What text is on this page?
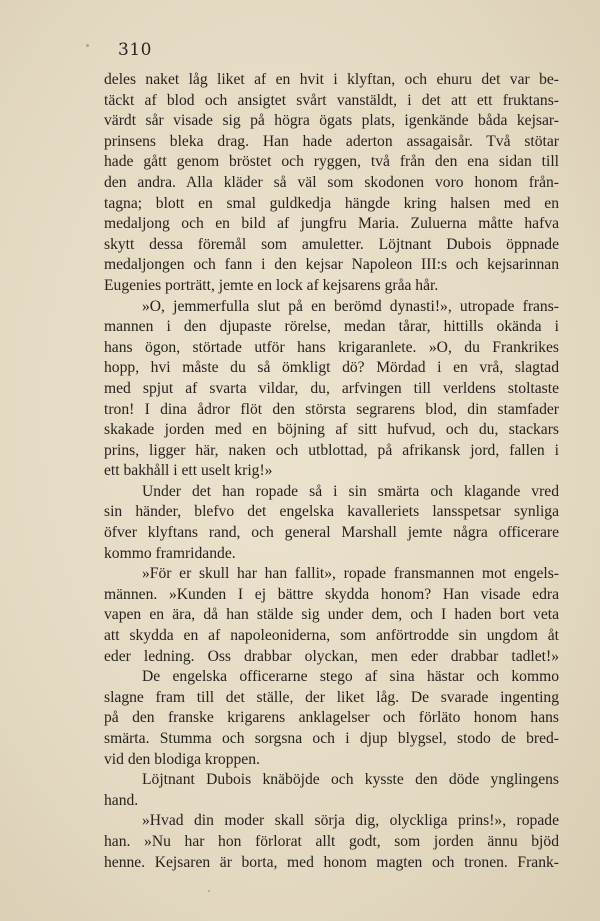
310
deles naket låg liket af en hvit i klyftan, och ehuru det var be-
täckt af blod och ansigtet svårt vanstäldt, i det att ett fruktans-
värdt sår visade sig på högra ögats plats, igenkände båda kejsar-
prinsens bleka drag. Han hade aderton assagaisår. Två stötar
hade gått genom bröstet och ryggen, två från den ena sidan till
den andra. Alla kläder så väl som skodonen voro honom från-
tagna; blott en smal guldkedja hängde kring halsen med en
medaljong och en bild af jungfru Maria. Zuluerna måtte hafva
skytt dessa föremål som amuletter. Löjtnant Dubois öppnade
medaljongen och fann i den kejsar Napoleon III:s och kejsarinnan
Eugenies porträtt, jemte en lock af kejsarens gråa hår.
»O, jemmerfulla slut på en berömd dynasti!», utropade frans-
mannen i den djupaste rörelse, medan tårar, hittills okända i
hans ögon, störtade utför hans krigaranlete. »O, du Frankrikes
hopp, hvi måste du så ömkligt dö? Mördad i en vrå, slagtad
med spjut af svarta vildar, du, arfvingen till verldens stoltaste
tron! I dina ådror flöt den största segrarens blod, din stamfader
skakade jorden med en böjning af sitt hufvud, och du, stackars
prins, ligger här, naken och utblottad, på afrikansk jord, fallen i
ett bakhåll i ett uselt krig!»
Under det han ropade så i sin smärta och klagande vred
sin händer, blefvo det engelska kavalleriets lansspetsar synliga
öfver klyftans rand, och general Marshall jemte några officerare
kommo framridande.
»För er skull har han fallit», ropade fransmannen mot engels-
männen. »Kunden I ej bättre skydda honom? Han visade edra
vapen en ära, då han stälde sig under dem, och I haden bort veta
att skydda en af napoleoniderna, som anförtrodde sin ungdom åt
eder ledning. Oss drabbar olyckan, men eder drabbar tadlet!»
De engelska officerarne stego af sina hästar och kommo
slagne fram till det ställe, der liket låg. De svarade ingenting
på den franske krigarens anklagelser och förläto honom hans
smärta. Stumma och sorgsna och i djup blygsel, stodo de bred-
vid den blodiga kroppen.
Löjtnant Dubois knäböjde och kysste den döde ynglingens
hand.
»Hvad din moder skall sörja dig, olyckliga prins!», ropade
han. »Nu har hon förlorat allt godt, som jorden ännu bjöd
henne. Kejsaren är borta, med honom magten och tronen. Frank-
